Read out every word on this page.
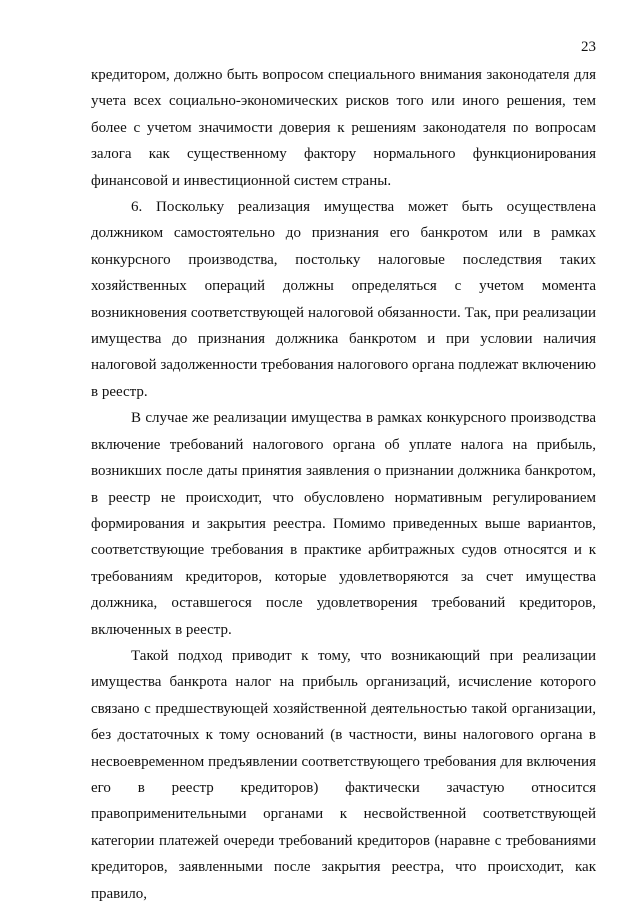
23

кредитором, должно быть вопросом специального внимания законодателя для учета всех социально-экономических рисков того или иного решения, тем более с учетом значимости доверия к решениям законодателя по вопросам залога как существенному фактору нормального функционирования финансовой и инвестиционной систем страны.

6. Поскольку реализация имущества может быть осуществлена должником самостоятельно до признания его банкротом или в рамках конкурсного производства, постольку налоговые последствия таких хозяйственных операций должны определяться с учетом момента возникновения соответствующей налоговой обязанности. Так, при реализации имущества до признания должника банкротом и при условии наличия налоговой задолженности требования налогового органа подлежат включению в реестр.

В случае же реализации имущества в рамках конкурсного производства включение требований налогового органа об уплате налога на прибыль, возникших после даты принятия заявления о признании должника банкротом, в реестр не происходит, что обусловлено нормативным регулированием формирования и закрытия реестра. Помимо приведенных выше вариантов, соответствующие требования в практике арбитражных судов относятся и к требованиям кредиторов, которые удовлетворяются за счет имущества должника, оставшегося после удовлетворения требований кредиторов, включенных в реестр.

Такой подход приводит к тому, что возникающий при реализации имущества банкрота налог на прибыль организаций, исчисление которого связано с предшествующей хозяйственной деятельностью такой организации, без достаточных к тому оснований (в частности, вины налогового органа в несвоевременном предъявлении соответствующего требования для включения его в реестр кредиторов) фактически зачастую относится правоприменительными органами к несвойственной соответствующей категории платежей очереди требований кредиторов (наравне с требованиями кредиторов, заявленными после закрытия реестра, что происходит, как правило,
